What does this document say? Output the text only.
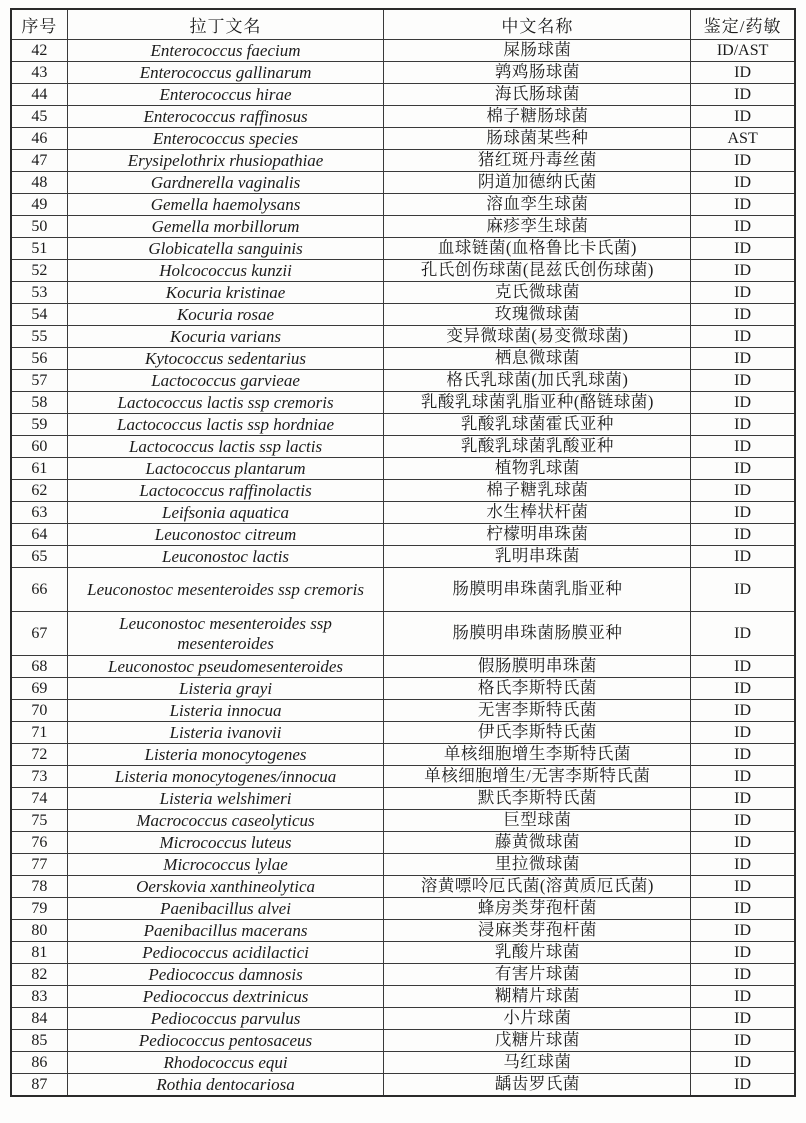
序号	拉丁文名	中文名称	鉴定/药敏
42	Enterococcus faecium	屎肠球菌	ID/AST
43	Enterococcus gallinarum	鹑鸡肠球菌	ID
44	Enterococcus hirae	海氏肠球菌	ID
45	Enterococcus raffinosus	棉子糖肠球菌	ID
46	Enterococcus species	肠球菌某些种	AST
47	Erysipelothrix rhusiopathiae	猪红斑丹毒丝菌	ID
48	Gardnerella vaginalis	阴道加德纳氏菌	ID
49	Gemella haemolysans	溶血孪生球菌	ID
50	Gemella morbillorum	麻疹孪生球菌	ID
51	Globicatella sanguinis	血球链菌(血格鲁比卡氏菌)	ID
52	Holcococcus kunzii	孔氏创伤球菌(昆兹氏创伤球菌)	ID
53	Kocuria kristinae	克氏微球菌	ID
54	Kocuria rosae	玫瑰微球菌	ID
55	Kocuria varians	变异微球菌(易变微球菌)	ID
56	Kytococcus sedentarius	栖息微球菌	ID
57	Lactococcus garvieae	格氏乳球菌(加氏乳球菌)	ID
58	Lactococcus lactis ssp cremoris	乳酸乳球菌乳脂亚种(酪链球菌)	ID
59	Lactococcus lactis ssp hordniae	乳酸乳球菌霍氏亚种	ID
60	Lactococcus lactis ssp lactis	乳酸乳球菌乳酸亚种	ID
61	Lactococcus plantarum	植物乳球菌	ID
62	Lactococcus raffinolactis	棉子糖乳球菌	ID
63	Leifsonia aquatica	水生棒状杆菌	ID
64	Leuconostoc citreum	柠檬明串珠菌	ID
65	Leuconostoc lactis	乳明串珠菌	ID
66	Leuconostoc mesenteroides ssp cremoris	肠膜明串珠菌乳脂亚种	ID
67	Leuconostoc mesenteroides ssp mesenteroides	肠膜明串珠菌肠膜亚种	ID
68	Leuconostoc pseudomesenteroides	假肠膜明串珠菌	ID
69	Listeria grayi	格氏李斯特氏菌	ID
70	Listeria innocua	无害李斯特氏菌	ID
71	Listeria ivanovii	伊氏李斯特氏菌	ID
72	Listeria monocytogenes	单核细胞增生李斯特氏菌	ID
73	Listeria monocytogenes/innocua	单核细胞增生/无害李斯特氏菌	ID
74	Listeria welshimeri	默氏李斯特氏菌	ID
75	Macrococcus caseolyticus	巨型球菌	ID
76	Micrococcus luteus	藤黄微球菌	ID
77	Micrococcus lylae	里拉微球菌	ID
78	Oerskovia xanthineolytica	溶黄嘌呤厄氏菌(溶黄质厄氏菌)	ID
79	Paenibacillus alvei	蜂房类芽孢杆菌	ID
80	Paenibacillus macerans	浸麻类芽孢杆菌	ID
81	Pediococcus acidilactici	乳酸片球菌	ID
82	Pediococcus damnosis	有害片球菌	ID
83	Pediococcus dextrinicus	糊精片球菌	ID
84	Pediococcus parvulus	小片球菌	ID
85	Pediococcus pentosaceus	戊糖片球菌	ID
86	Rhodococcus equi	马红球菌	ID
87	Rothia dentocariosa	龋齿罗氏菌	ID
